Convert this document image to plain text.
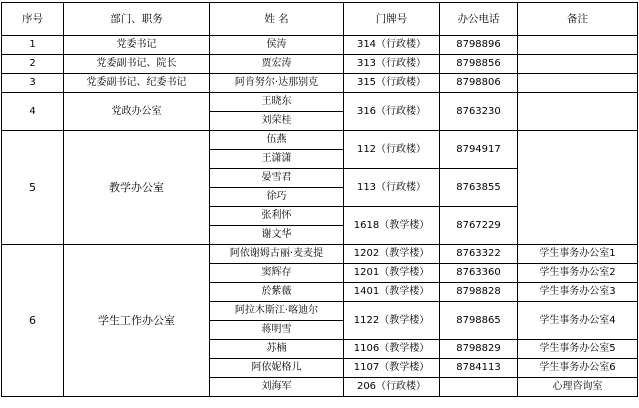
序号	部门、职务	姓 名	门牌号	办公电话	备注
1	党委书记	侯涛	314（行政楼）	8798896	
2	党委副书记、院长	贾宏涛	313（行政楼）	8798856	
3	党委副书记、纪委书记	阿肯努尔·达那别克	315（行政楼）	8798806	
4	党政办公室	王晓东	316（行政楼）	8763230	
		刘荣桂			
5	教学办公室	伍燕	112（行政楼）	8794917	
		王潇潇			
		晏雪君	113（行政楼）	8763855	
		徐巧			
		张利怀	1618（教学楼）	8767229	
		谢文华			
6	学生工作办公室	阿依谢姆古丽·麦麦提	1202（教学楼）	8763322	学生事务办公室1
		窦辉存	1201（教学楼）	8763360	学生事务办公室2
		於紫薇	1401（教学楼）	8798828	学生事务办公室3
		阿拉木斯江·喀迪尔	1122（教学楼）	8798865	学生事务办公室4
		蒋明雪			
		苏楠	1106（教学楼）	8798829	学生事务办公室5
		阿依妮格儿	1107（教学楼）	8784113	学生事务办公室6
		刘海军	206（行政楼）		心理咨询室
